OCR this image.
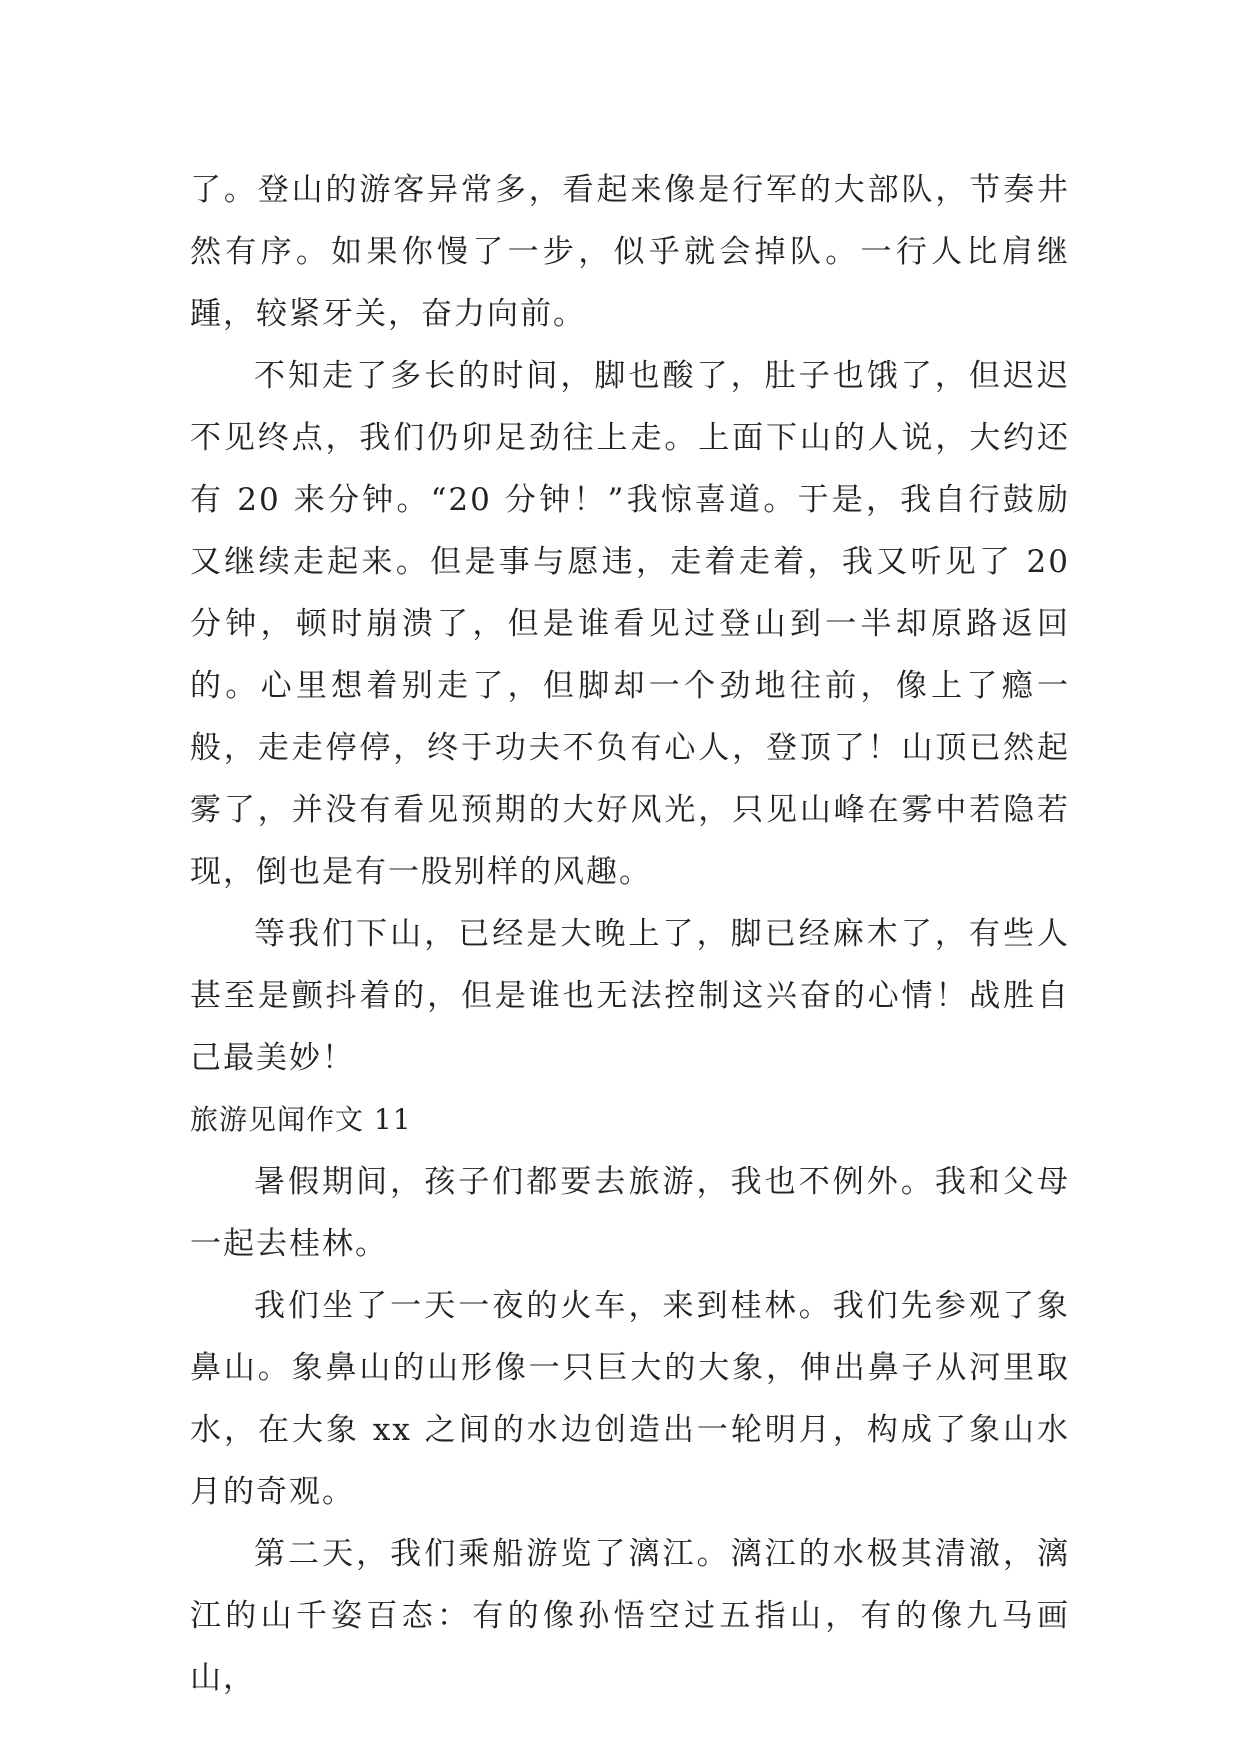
了。登山的游客异常多，看起来像是行军的大部队，节奏井然有序。如果你慢了一步，似乎就会掉队。一行人比肩继踵，较紧牙关，奋力向前。

不知走了多长的时间，脚也酸了，肚子也饿了，但迟迟不见终点，我们仍卯足劲往上走。上面下山的人说，大约还有 20 来分钟。“20 分钟！”我惊喜道。于是，我自行鼓励又继续走起来。但是事与愿违，走着走着，我又听见了 20 分钟，顿时崩溃了，但是谁看见过登山到一半却原路返回的。心里想着别走了，但脚却一个劲地往前，像上了瘾一般，走走停停，终于功夫不负有心人，登顶了！山顶已然起雾了，并没有看见预期的大好风光，只见山峰在雾中若隐若现，倒也是有一股别样的风趣。

等我们下山，已经是大晚上了，脚已经麻木了，有些人甚至是颤抖着的，但是谁也无法控制这兴奋的心情！战胜自己最美妙！

旅游见闻作文 11

暑假期间，孩子们都要去旅游，我也不例外。我和父母一起去桂林。

我们坐了一天一夜的火车，来到桂林。我们先参观了象鼻山。象鼻山的山形像一只巨大的大象，伸出鼻子从河里取水，在大象 xx 之间的水边创造出一轮明月，构成了象山水月的奇观。

第二天，我们乘船游览了漓江。漓江的水极其清澈，漓江的山千姿百态：有的像孙悟空过五指山，有的像九马画山，
